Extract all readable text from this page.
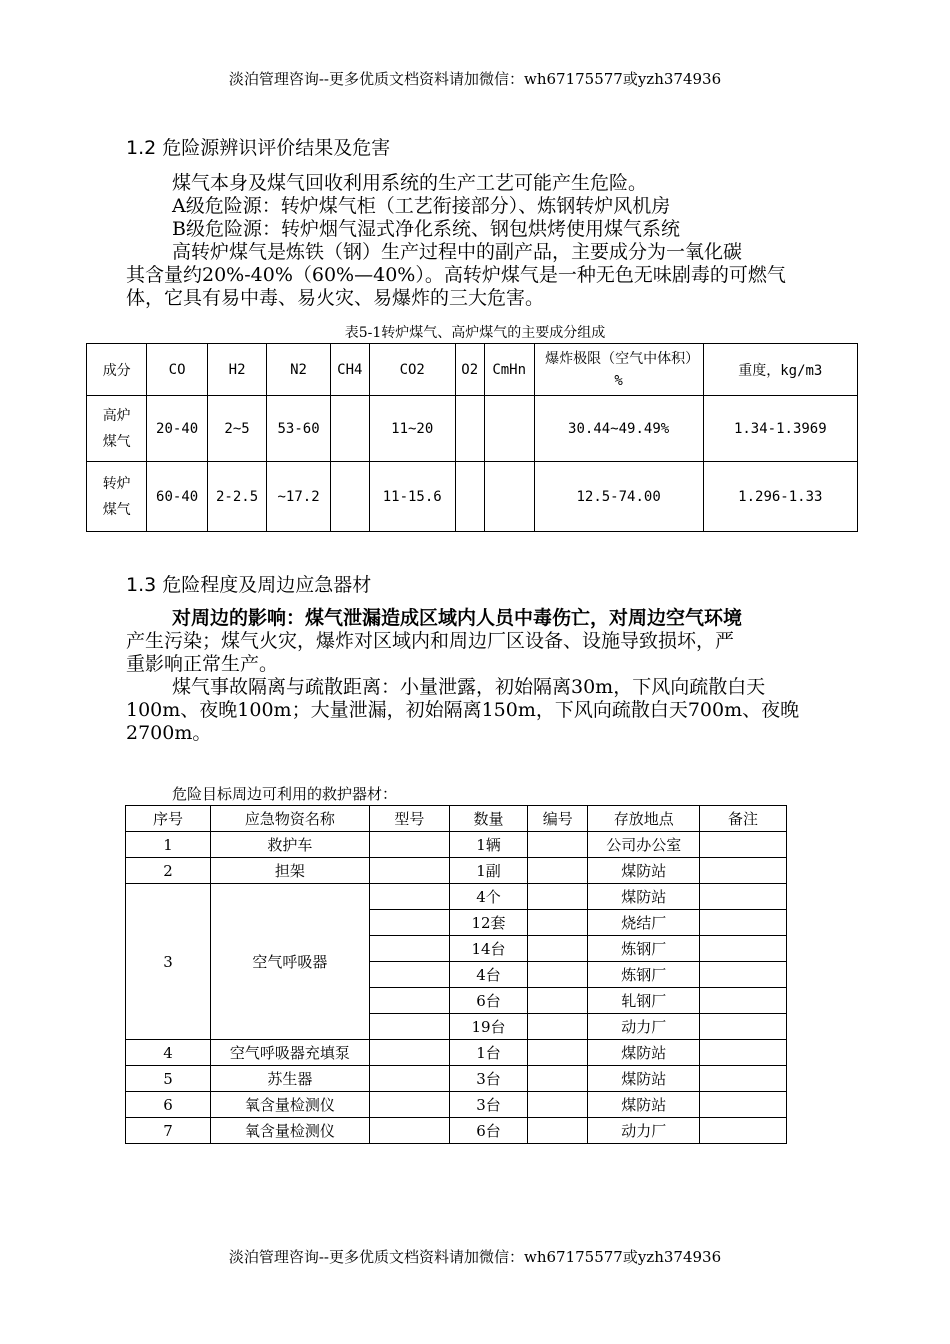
淡泊管理咨询--更多优质文档资料请加微信：wh67175577或yzh374936
1.2 危险源辨识评价结果及危害
煤气本身及煤气回收利用系统的生产工艺可能产生危险。
A级危险源：转炉煤气柜（工艺衔接部分）、炼钢转炉风机房
B级危险源：转炉烟气湿式净化系统、钢包烘烤使用煤气系统
高转炉煤气是炼铁（钢）生产过程中的副产品，主要成分为一氧化碳
其含量约20%-40%（60%—40%）。高转炉煤气是一种无色无味剧毒的可燃气
体，它具有易中毒、易火灾、易爆炸的三大危害。
表5-1转炉煤气、高炉煤气的主要成分组成
成分	CO	H2	N2	CH4	CO2	O2	CmHn	爆炸极限（空气中体积）%	重度，kg/m3
高炉煤气	20-40	2~5	53-60		11~20			30.44~49.49%	1.34-1.3969
转炉煤气	60-40	2-2.5	~17.2		11-15.6			12.5-74.00	1.296-1.33
1.3 危险程度及周边应急器材
对周边的影响：煤气泄漏造成区域内人员中毒伤亡，对周边空气环境
产生污染；煤气火灾，爆炸对区域内和周边厂区设备、设施导致损坏，严
重影响正常生产。
煤气事故隔离与疏散距离：小量泄露，初始隔离30m，下风向疏散白天
100m、夜晚100m；大量泄漏，初始隔离150m，下风向疏散白天700m、夜晚
2700m。
危险目标周边可利用的救护器材：
序号	应急物资名称	型号	数量	编号	存放地点	备注
1	救护车		1辆		公司办公室	
2	担架		1副		煤防站	
3	空气呼吸器		4个		煤防站	
			12套		烧结厂	
			14台		炼钢厂	
			4台		炼钢厂	
			6台		轧钢厂	
			19台		动力厂	
4	空气呼吸器充填泵		1台		煤防站	
5	苏生器		3台		煤防站	
6	氧含量检测仪		3台		煤防站	
7	氧含量检测仪		6台		动力厂	
淡泊管理咨询--更多优质文档资料请加微信：wh67175577或yzh374936
